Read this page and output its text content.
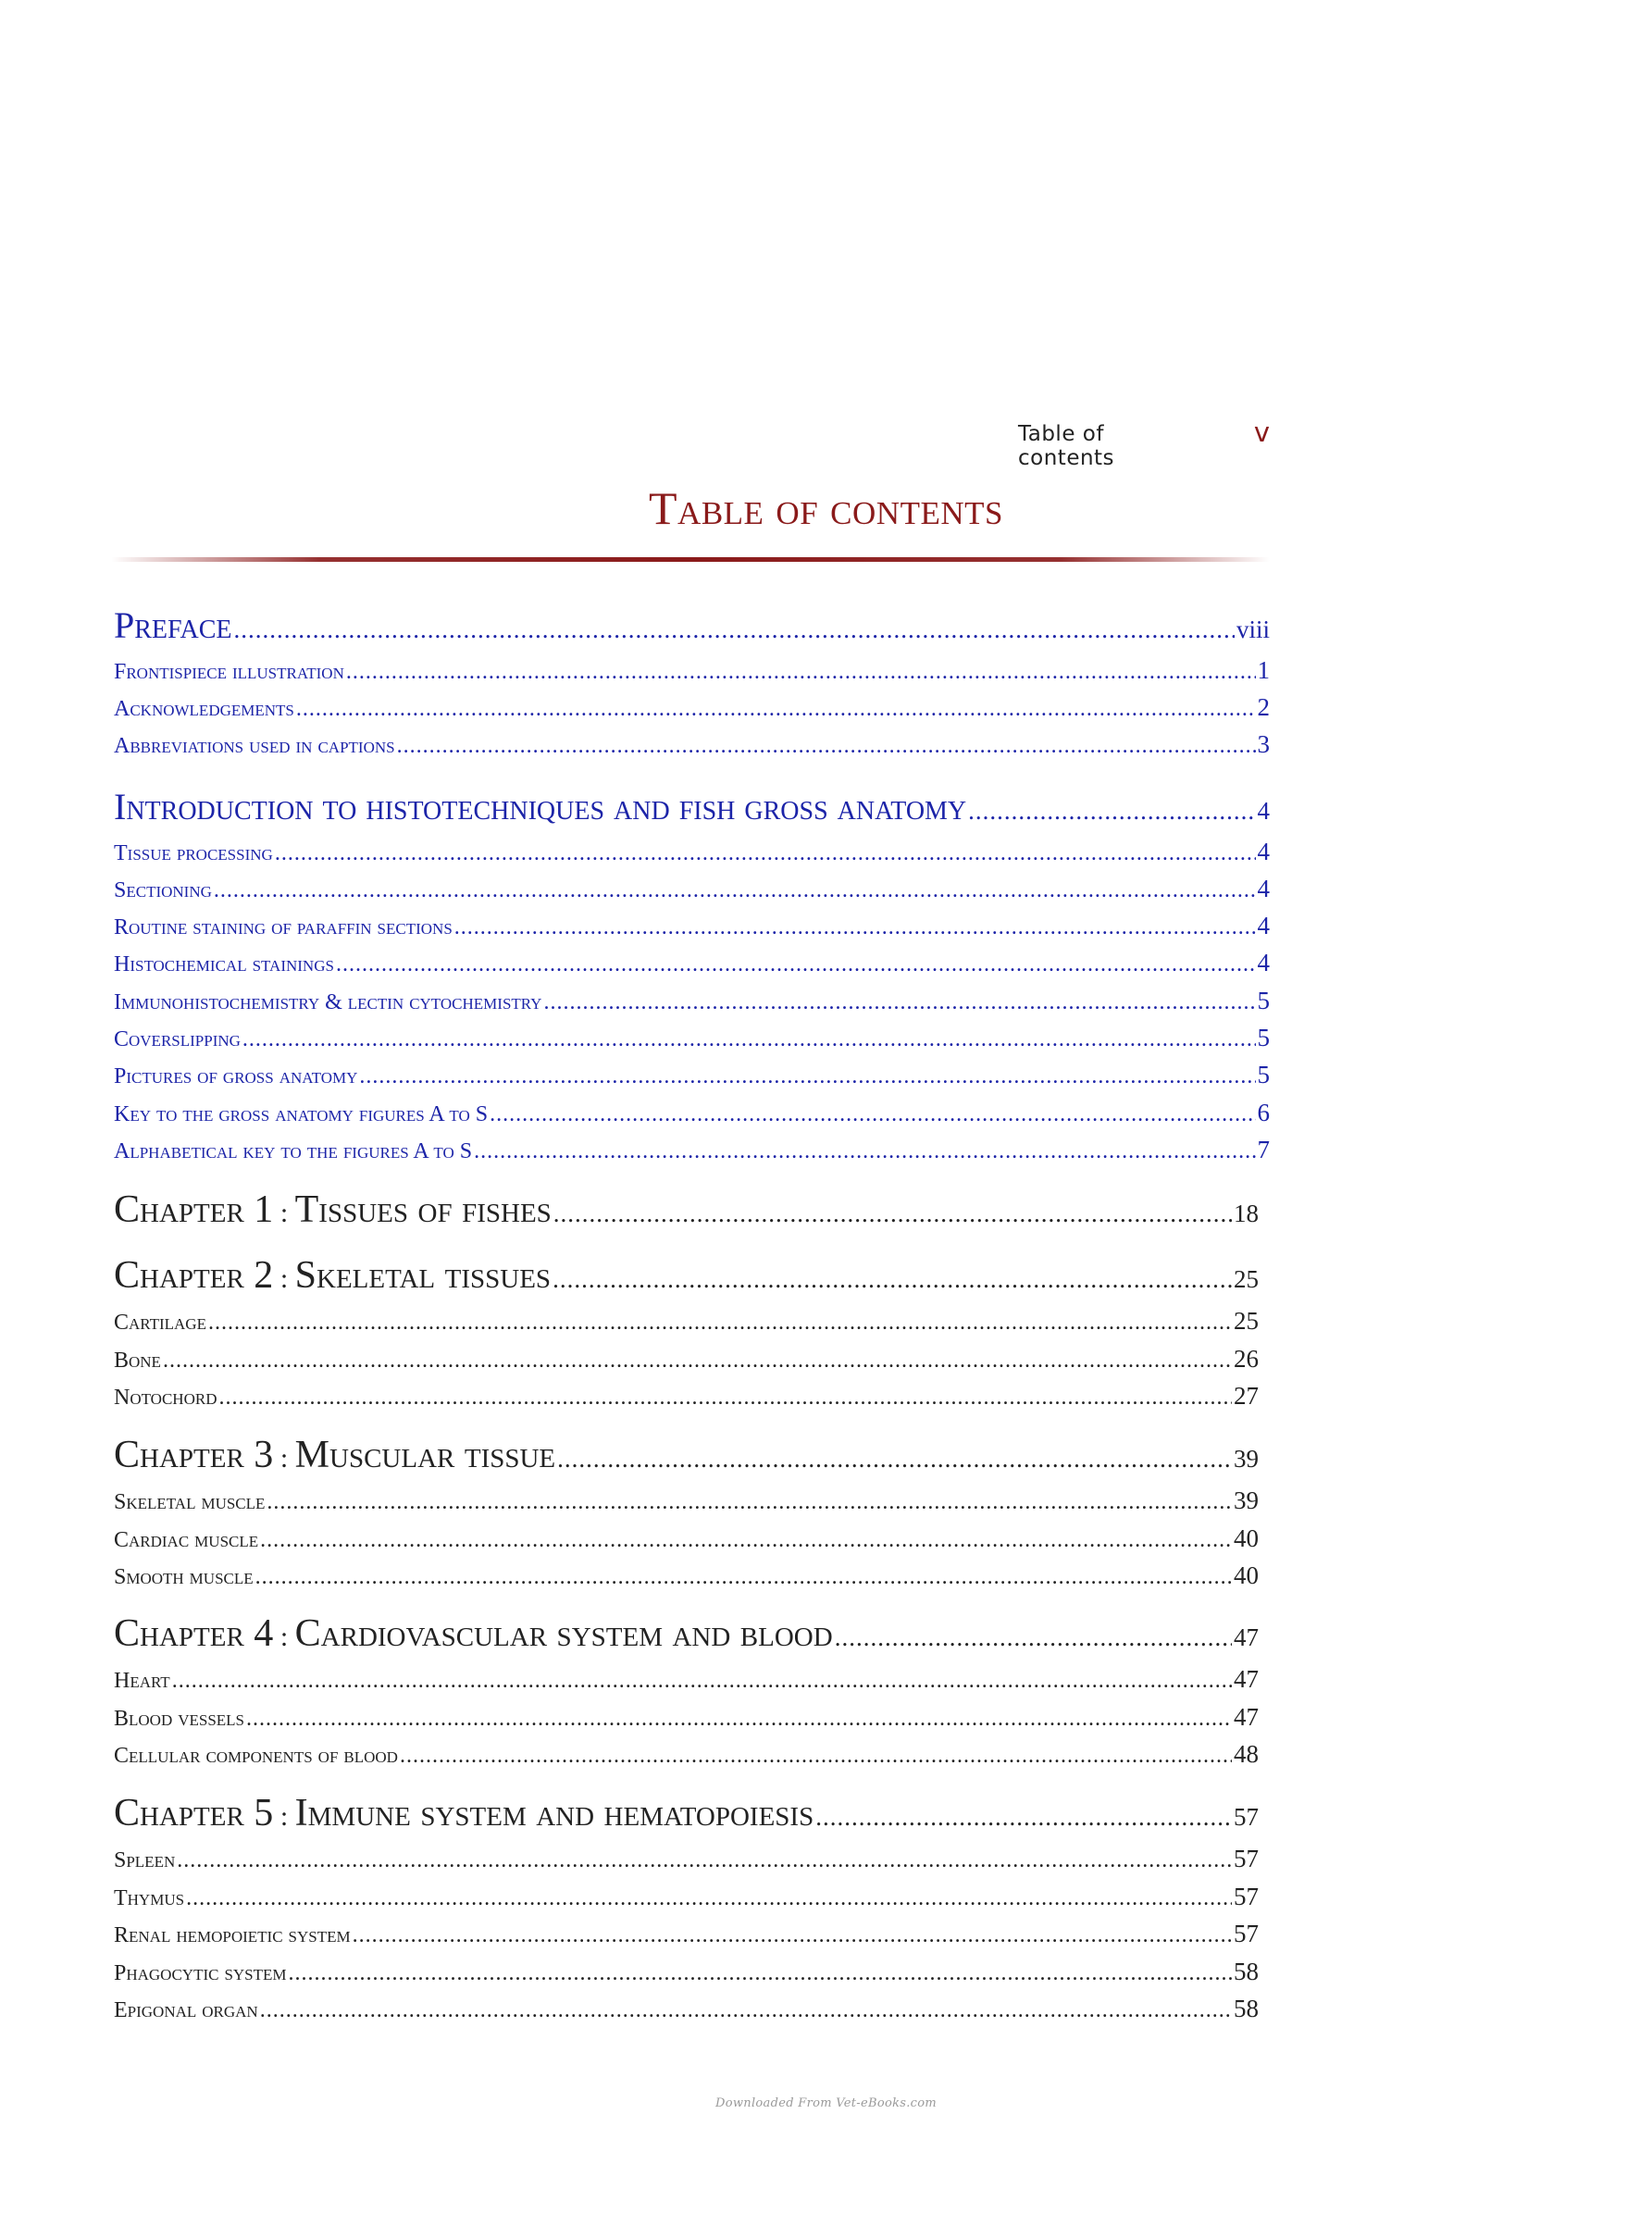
Table of contents
v
Table of contents
Preface .....	viii
Frontispiece illustration .....	1
Acknowledgements .....	2
Abbreviations used in captions .....	3
Introduction to histotechniques and fish gross anatomy .....	4
Tissue processing .....	4
Sectioning .....	4
Routine staining of paraffin sections .....	4
Histochemical stainings .....	4
Immunohistochemistry & lectin cytochemistry .....	5
Coverslipping .....	5
Pictures of gross anatomy .....	5
Key to the gross anatomy figures A to S .....	6
Alphabetical key to the figures A to S .....	7
Chapter 1 : Tissues of fishes .....	18
Chapter 2 : Skeletal tissues .....	25
Cartilage .....	25
Bone .....	26
Notochord .....	27
Chapter 3 : Muscular tissue .....	39
Skeletal muscle .....	39
Cardiac muscle .....	40
Smooth muscle .....	40
Chapter 4 : Cardiovascular system and blood .....	47
Heart .....	47
Blood vessels .....	47
Cellular components of blood .....	48
Chapter 5 : Immune system and hematopoiesis .....	57
Spleen .....	57
Thymus .....	57
Renal hemopoietic system .....	57
Phagocytic system .....	58
Epigonal organ .....	58
Downloaded From Vet-eBooks.com
